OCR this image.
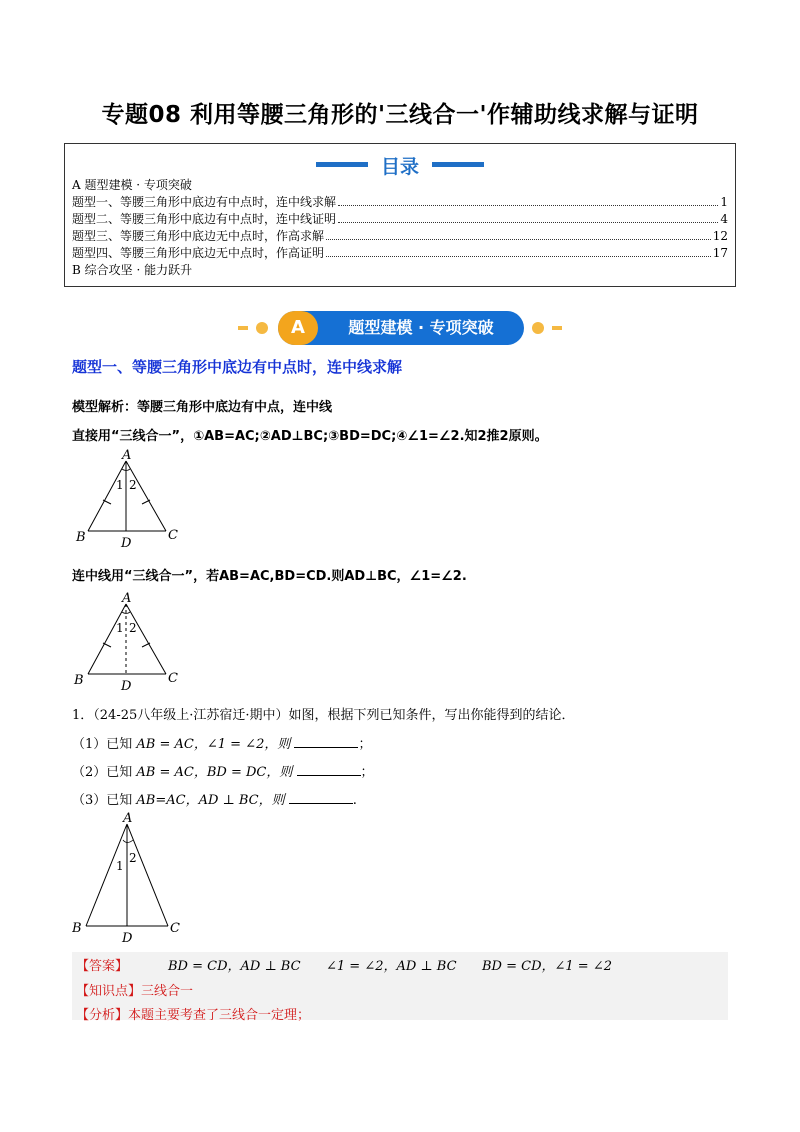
专题08 利用等腰三角形的'三线合一'作辅助线求解与证明
目录
A 题型建模 · 专项突破
题型一、等腰三角形中底边有中点时，连中线求解	1
题型二、等腰三角形中底边有中点时，连中线证明	4
题型三、等腰三角形中底边无中点时，作高求解	12
题型四、等腰三角形中底边无中点时，作高证明	17
B 综合攻坚 · 能力跃升
A	题型建模 · 专项突破
题型一、等腰三角形中底边有中点时，连中线求解
模型解析：等腰三角形中底边有中点，连中线
直接用“三线合一”，①AB=AC;②AD⊥BC;③BD=DC;④∠1=∠2.知2推2原则。
A
B	C
D
1 2
连中线用“三线合一”，若AB=AC,BD=CD.则AD⊥BC，∠1=∠2.
A
B	C
D
1 2
1．（24-25八年级上·江苏宿迁·期中）如图，根据下列已知条件，写出你能得到的结论．
（1）已知 AB = AC，∠1 = ∠2，则	；
（2）已知 AB = AC，BD = DC，则	；
（3）已知 AB=AC，AD ⊥ BC，则	.
A
B	C
D
1
2
【答案】	BD = CD，AD ⊥ BC ∠1 = ∠2，AD ⊥ BC BD = CD，∠1 = ∠2
【知识点】三线合一
【分析】本题主要考查了三线合一定理；
